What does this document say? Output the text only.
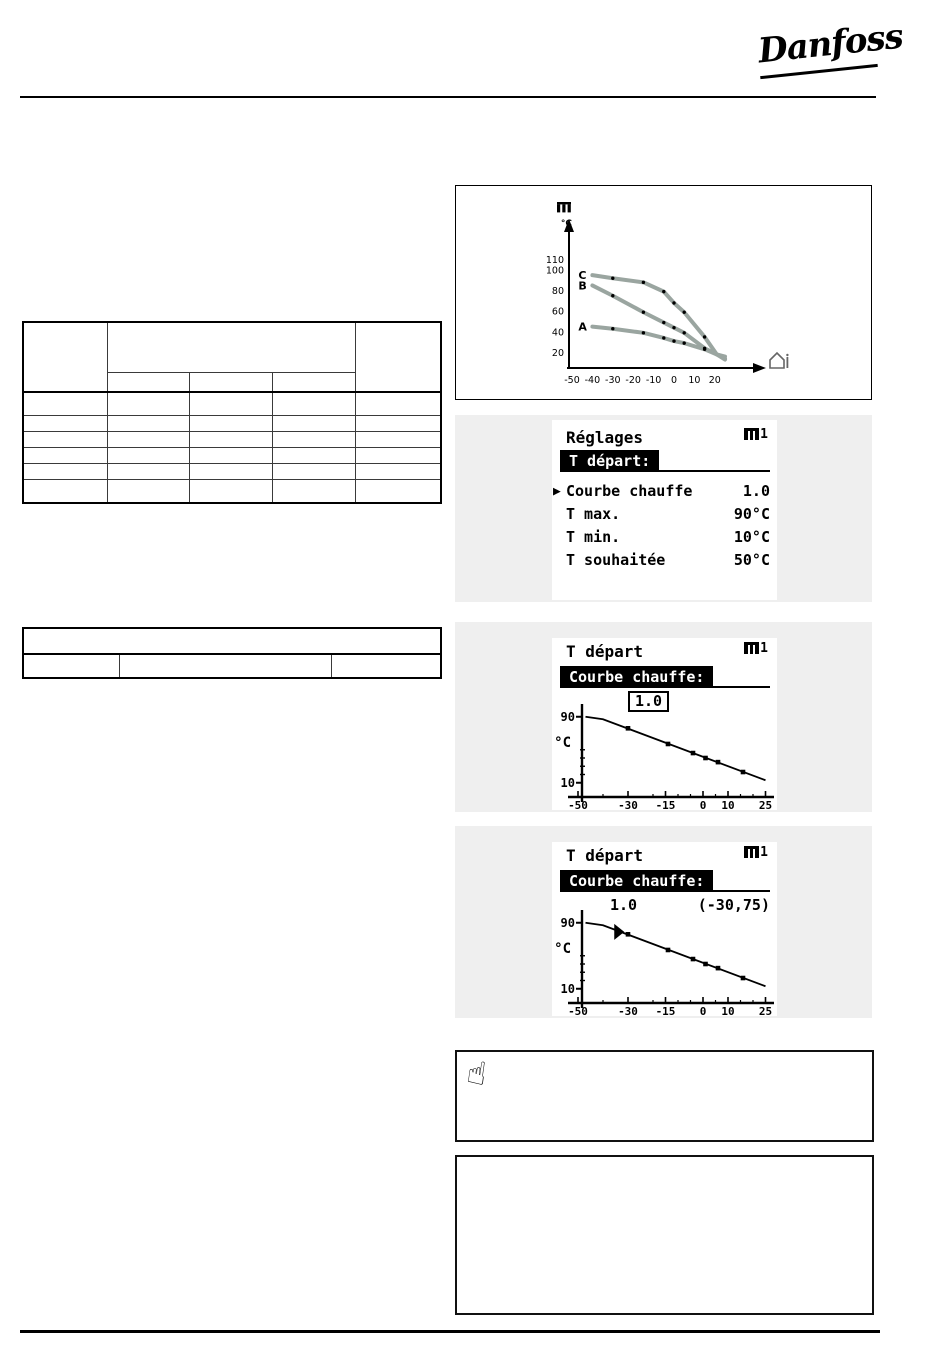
Danfoss
°C
110
100
80
60
40
20
-50 -40 -30 -20 -10 0 10 20
A
B
C
Réglages	1
T départ:
▶ Courbe chauffe	1.0
T max.	90°C
T min.	10°C
T souhaitée	50°C
T départ	1
Courbe chauffe:
1.0
90
10
°C
-50	-30 -15 0 10 25
T départ	1
Courbe chauffe:
1.0	(-30,75)
90
10
°C
-50	-30 -15 0 10 25
☝
